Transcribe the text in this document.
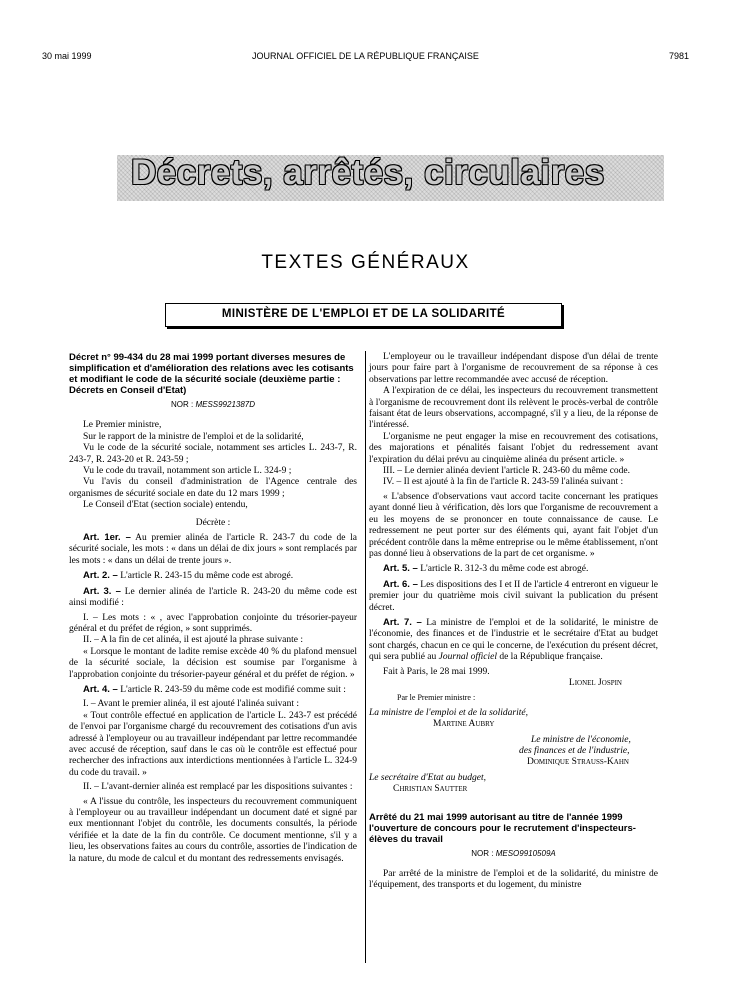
30 mai 1999	JOURNAL OFFICIEL DE LA RÉPUBLIQUE FRANÇAISE	7981
Décrets, arrêtés, circulaires
TEXTES GÉNÉRAUX
MINISTÈRE DE L'EMPLOI ET DE LA SOLIDARITÉ

Décret n° 99-434 du 28 mai 1999 portant diverses mesures de simplification et d'amélioration des relations avec les cotisants et modifiant le code de la sécurité sociale (deuxième partie : Décrets en Conseil d'Etat)

NOR : MESS9921387D

Le Premier ministre,

Sur le rapport de la ministre de l'emploi et de la solidarité,

Vu le code de la sécurité sociale, notamment ses articles L. 243-7, R. 243-7, R. 243-20 et R. 243-59 ;

Vu le code du travail, notamment son article L. 324-9 ;

Vu l'avis du conseil d'administration de l'Agence centrale des organismes de sécurité sociale en date du 12 mars 1999 ;

Le Conseil d'Etat (section sociale) entendu,

Décrète :

Art. 1er. – Au premier alinéa de l'article R. 243-7 du code de la sécurité sociale, les mots : « dans un délai de dix jours » sont remplacés par les mots : « dans un délai de trente jours ».

Art. 2. – L'article R. 243-15 du même code est abrogé.

Art. 3. – Le dernier alinéa de l'article R. 243-20 du même code est ainsi modifié :

I. – Les mots : « , avec l'approbation conjointe du trésorier-payeur général et du préfet de région, » sont supprimés.

II. – A la fin de cet alinéa, il est ajouté la phrase suivante :

« Lorsque le montant de ladite remise excède 40 % du plafond mensuel de la sécurité sociale, la décision est soumise par l'organisme à l'approbation conjointe du trésorier-payeur général et du préfet de région. »

Art. 4. – L'article R. 243-59 du même code est modifié comme suit :

I. – Avant le premier alinéa, il est ajouté l'alinéa suivant :

« Tout contrôle effectué en application de l'article L. 243-7 est précédé de l'envoi par l'organisme chargé du recouvrement des cotisations d'un avis adressé à l'employeur ou au travailleur indépendant par lettre recommandée avec accusé de réception, sauf dans le cas où le contrôle est effectué pour rechercher des infractions aux interdictions mentionnées à l'article L. 324-9 du code du travail. »

II. – L'avant-dernier alinéa est remplacé par les dispositions suivantes :

« A l'issue du contrôle, les inspecteurs du recouvrement communiquent à l'employeur ou au travailleur indépendant un document daté et signé par eux mentionnant l'objet du contrôle, les documents consultés, la période vérifiée et la date de la fin du contrôle. Ce document mentionne, s'il y a lieu, les observations faites au cours du contrôle, assorties de l'indication de la nature, du mode de calcul et du montant des redressements envisagés.

L'employeur ou le travailleur indépendant dispose d'un délai de trente jours pour faire part à l'organisme de recouvrement de sa réponse à ces observations par lettre recommandée avec accusé de réception.

A l'expiration de ce délai, les inspecteurs du recouvrement transmettent à l'organisme de recouvrement dont ils relèvent le procès-verbal de contrôle faisant état de leurs observations, accompagné, s'il y a lieu, de la réponse de l'intéressé.

L'organisme ne peut engager la mise en recouvrement des cotisations, des majorations et pénalités faisant l'objet du redressement avant l'expiration du délai prévu au cinquième alinéa du présent article. »

III. – Le dernier alinéa devient l'article R. 243-60 du même code.

IV. – Il est ajouté à la fin de l'article R. 243-59 l'alinéa suivant :

« L'absence d'observations vaut accord tacite concernant les pratiques ayant donné lieu à vérification, dès lors que l'organisme de recouvrement a eu les moyens de se prononcer en toute connaissance de cause. Le redressement ne peut porter sur des éléments qui, ayant fait l'objet d'un précédent contrôle dans la même entreprise ou le même établissement, n'ont pas donné lieu à observations de la part de cet organisme. »

Art. 5. – L'article R. 312-3 du même code est abrogé.

Art. 6. – Les dispositions des I et II de l'article 4 entreront en vigueur le premier jour du quatrième mois civil suivant la publication du présent décret.

Art. 7. – La ministre de l'emploi et de la solidarité, le ministre de l'économie, des finances et de l'industrie et le secrétaire d'Etat au budget sont chargés, chacun en ce qui le concerne, de l'exécution du présent décret, qui sera publié au Journal officiel de la République française.

Fait à Paris, le 28 mai 1999.

Lionel Jospin

Par le Premier ministre :

La ministre de l'emploi et de la solidarité,

Martine Aubry

Le ministre de l'économie,

des finances et de l'industrie,

Dominique Strauss-Kahn

Le secrétaire d'Etat au budget,

Christian Sautter

Arrêté du 21 mai 1999 autorisant au titre de l'année 1999 l'ouverture de concours pour le recrutement d'inspecteurs-élèves du travail

NOR : MESO9910509A

Par arrêté de la ministre de l'emploi et de la solidarité, du ministre de l'équipement, des transports et du logement, du ministre
